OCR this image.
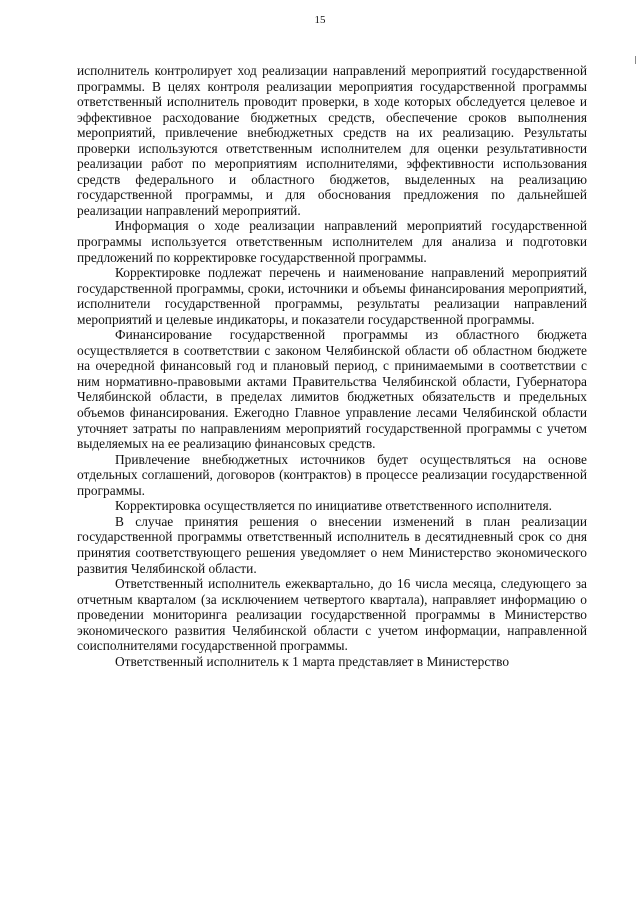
15

исполнитель контролирует ход реализации направлений мероприятий государственной программы. В целях контроля реализации мероприятия государственной программы ответственный исполнитель проводит проверки, в ходе которых обследуется целевое и эффективное расходование бюджетных средств, обеспечение сроков выполнения мероприятий, привлечение внебюджетных средств на их реализацию. Результаты проверки используются ответственным исполнителем для оценки результативности реализации работ по мероприятиям исполнителями, эффективности использования средств федерального и областного бюджетов, выделенных на реализацию государственной программы, и для обоснования предложения по дальнейшей реализации направлений мероприятий.

Информация о ходе реализации направлений мероприятий государственной программы используется ответственным исполнителем для анализа и подготовки предложений по корректировке государственной программы.

Корректировке подлежат перечень и наименование направлений мероприятий государственной программы, сроки, источники и объемы финансирования мероприятий, исполнители государственной программы, результаты реализации направлений мероприятий и целевые индикаторы, и показатели государственной программы.

Финансирование государственной программы из областного бюджета осуществляется в соответствии с законом Челябинской области об областном бюджете на очередной финансовый год и плановый период, с принимаемыми в соответствии с ним нормативно-правовыми актами Правительства Челябинской области, Губернатора Челябинской области, в пределах лимитов бюджетных обязательств и предельных объемов финансирования. Ежегодно Главное управление лесами Челябинской области уточняет затраты по направлениям мероприятий государственной программы с учетом выделяемых на ее реализацию финансовых средств.

Привлечение внебюджетных источников будет осуществляться на основе отдельных соглашений, договоров (контрактов) в процессе реализации государственной программы.

Корректировка осуществляется по инициативе ответственного исполнителя.

В случае принятия решения о внесении изменений в план реализации государственной программы ответственный исполнитель в десятидневный срок со дня принятия соответствующего решения уведомляет о нем Министерство экономического развития Челябинской области.

Ответственный исполнитель ежеквартально, до 16 числа месяца, следующего за отчетным кварталом (за исключением четвертого квартала), направляет информацию о проведении мониторинга реализации государственной программы в Министерство экономического развития Челябинской области с учетом информации, направленной соисполнителями государственной программы.

Ответственный исполнитель к 1 марта представляет в Министерство
